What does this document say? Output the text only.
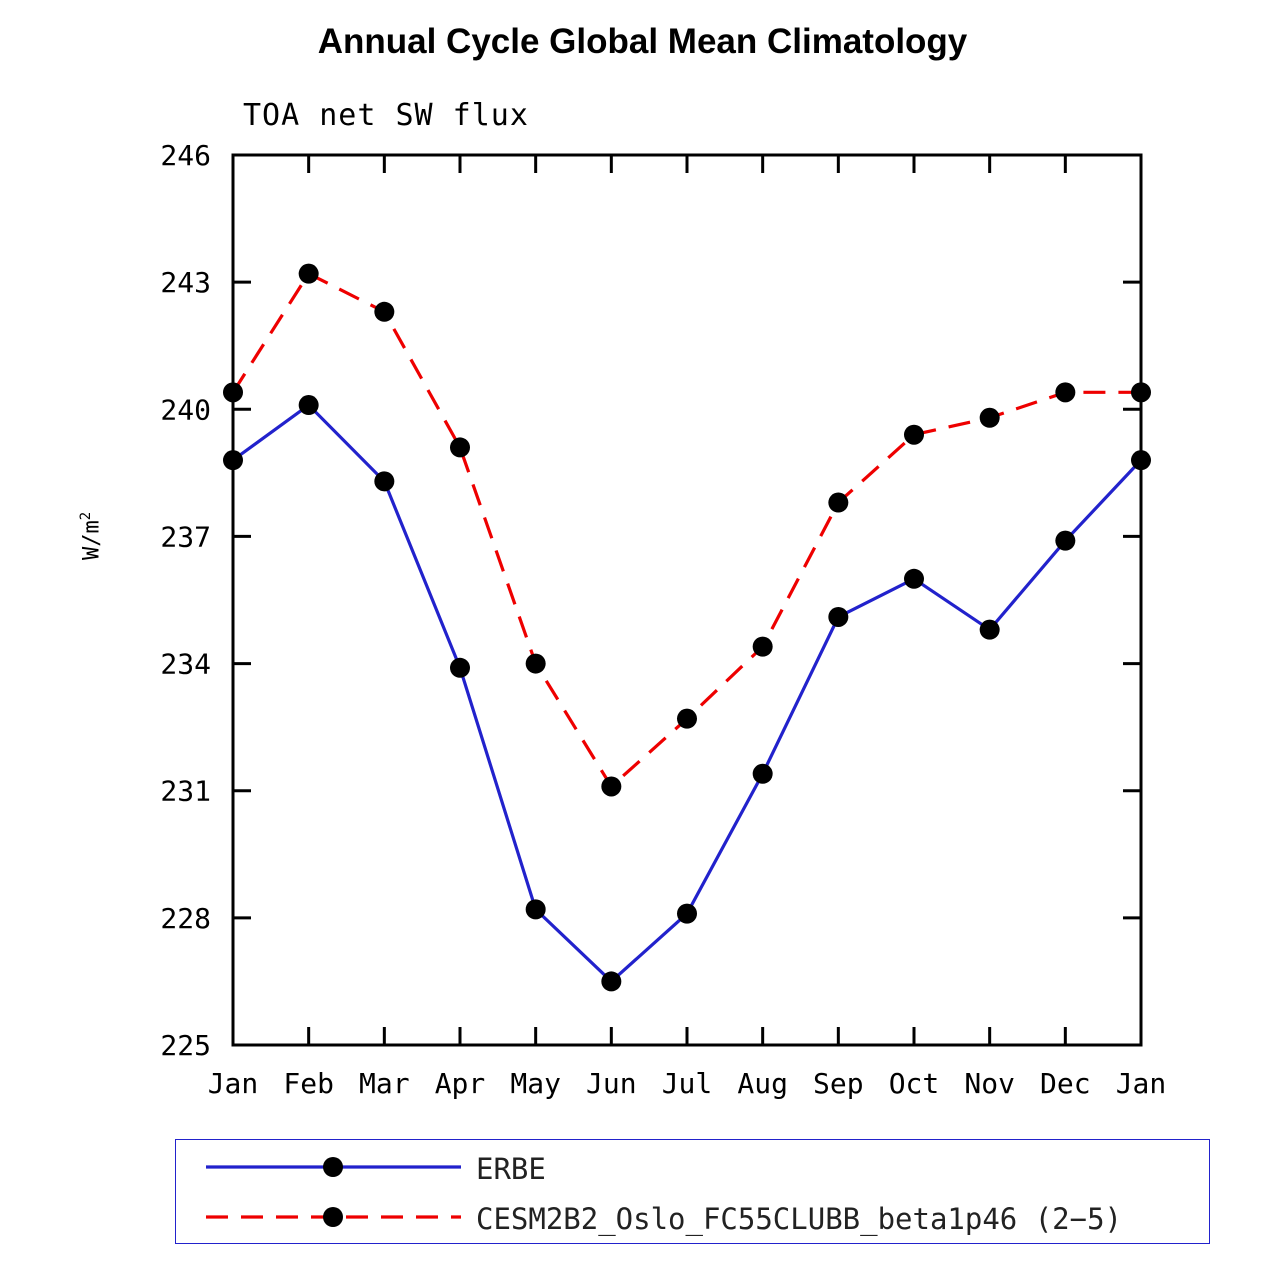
Annual Cycle Global Mean Climatology
TOA net SW flux
$W/m^2$
225
228
231
234
237
240
243
246
Jan Feb Mar Apr May Jun Jul Aug Sep Oct Nov Dec Jan
ERBE
CESM2B2_Oslo_FC55CLUBB_beta1p46 (2−5)
